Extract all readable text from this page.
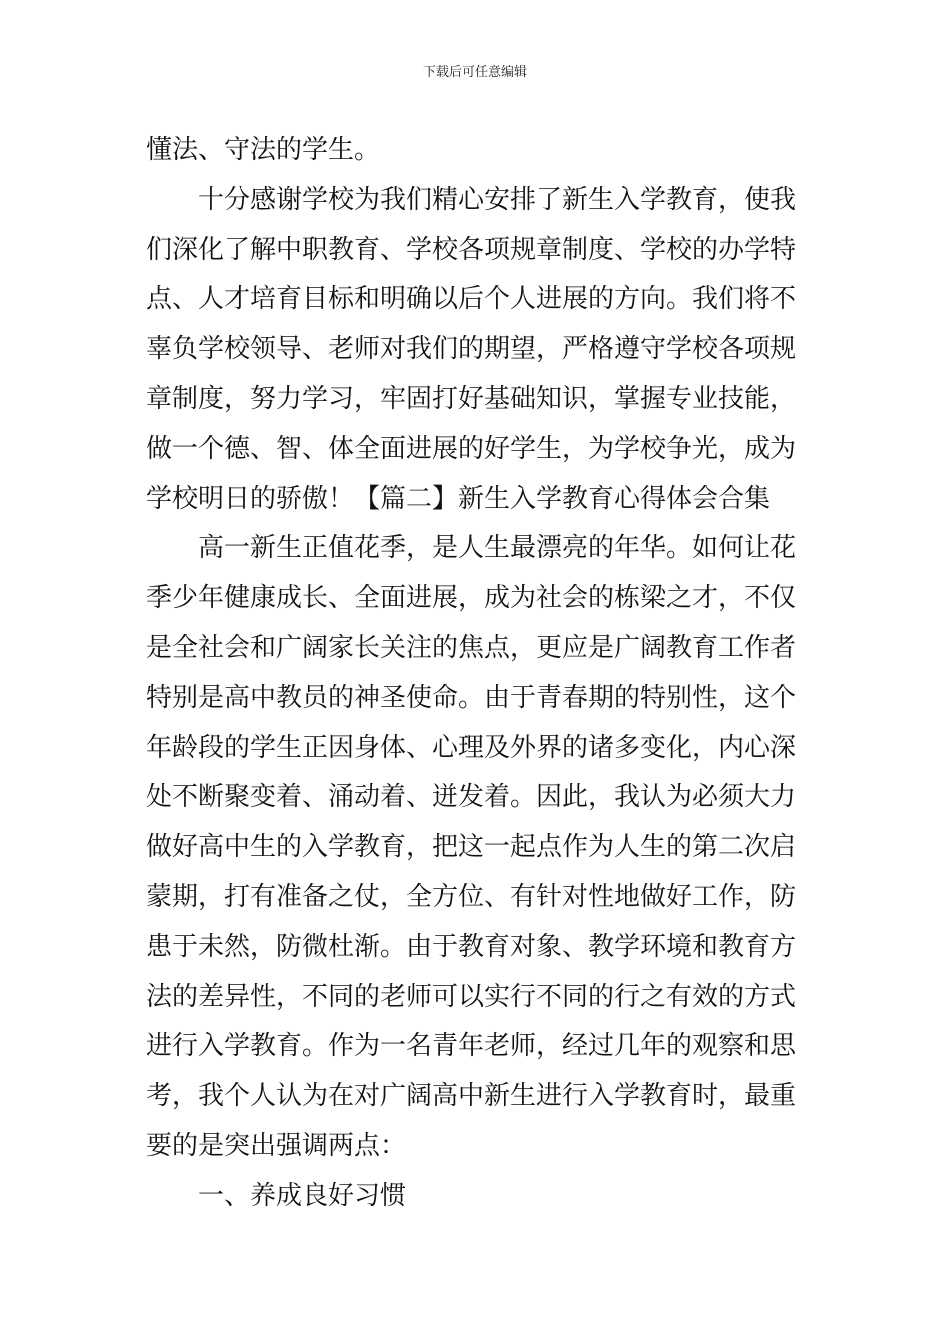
下载后可任意编辑
懂法、守法的学生。
十分感谢学校为我们精心安排了新生入学教育，使我
们深化了解中职教育、学校各项规章制度、学校的办学特
点、人才培育目标和明确以后个人进展的方向。我们将不
辜负学校领导、老师对我们的期望，严格遵守学校各项规
章制度，努力学习，牢固打好基础知识，掌握专业技能，
做一个德、智、体全面进展的好学生，为学校争光，成为
学校明日的骄傲！【篇二】新生入学教育心得体会合集
高一新生正值花季，是人生最漂亮的年华。如何让花
季少年健康成长、全面进展，成为社会的栋梁之才，不仅
是全社会和广阔家长关注的焦点，更应是广阔教育工作者
特别是高中教员的神圣使命。由于青春期的特别性，这个
年龄段的学生正因身体、心理及外界的诸多变化，内心深
处不断聚变着、涌动着、迸发着。因此，我认为必须大力
做好高中生的入学教育，把这一起点作为人生的第二次启
蒙期，打有准备之仗，全方位、有针对性地做好工作，防
患于未然，防微杜渐。由于教育对象、教学环境和教育方
法的差异性，不同的老师可以实行不同的行之有效的方式
进行入学教育。作为一名青年老师，经过几年的观察和思
考，我个人认为在对广阔高中新生进行入学教育时，最重
要的是突出强调两点：
一、养成良好习惯
